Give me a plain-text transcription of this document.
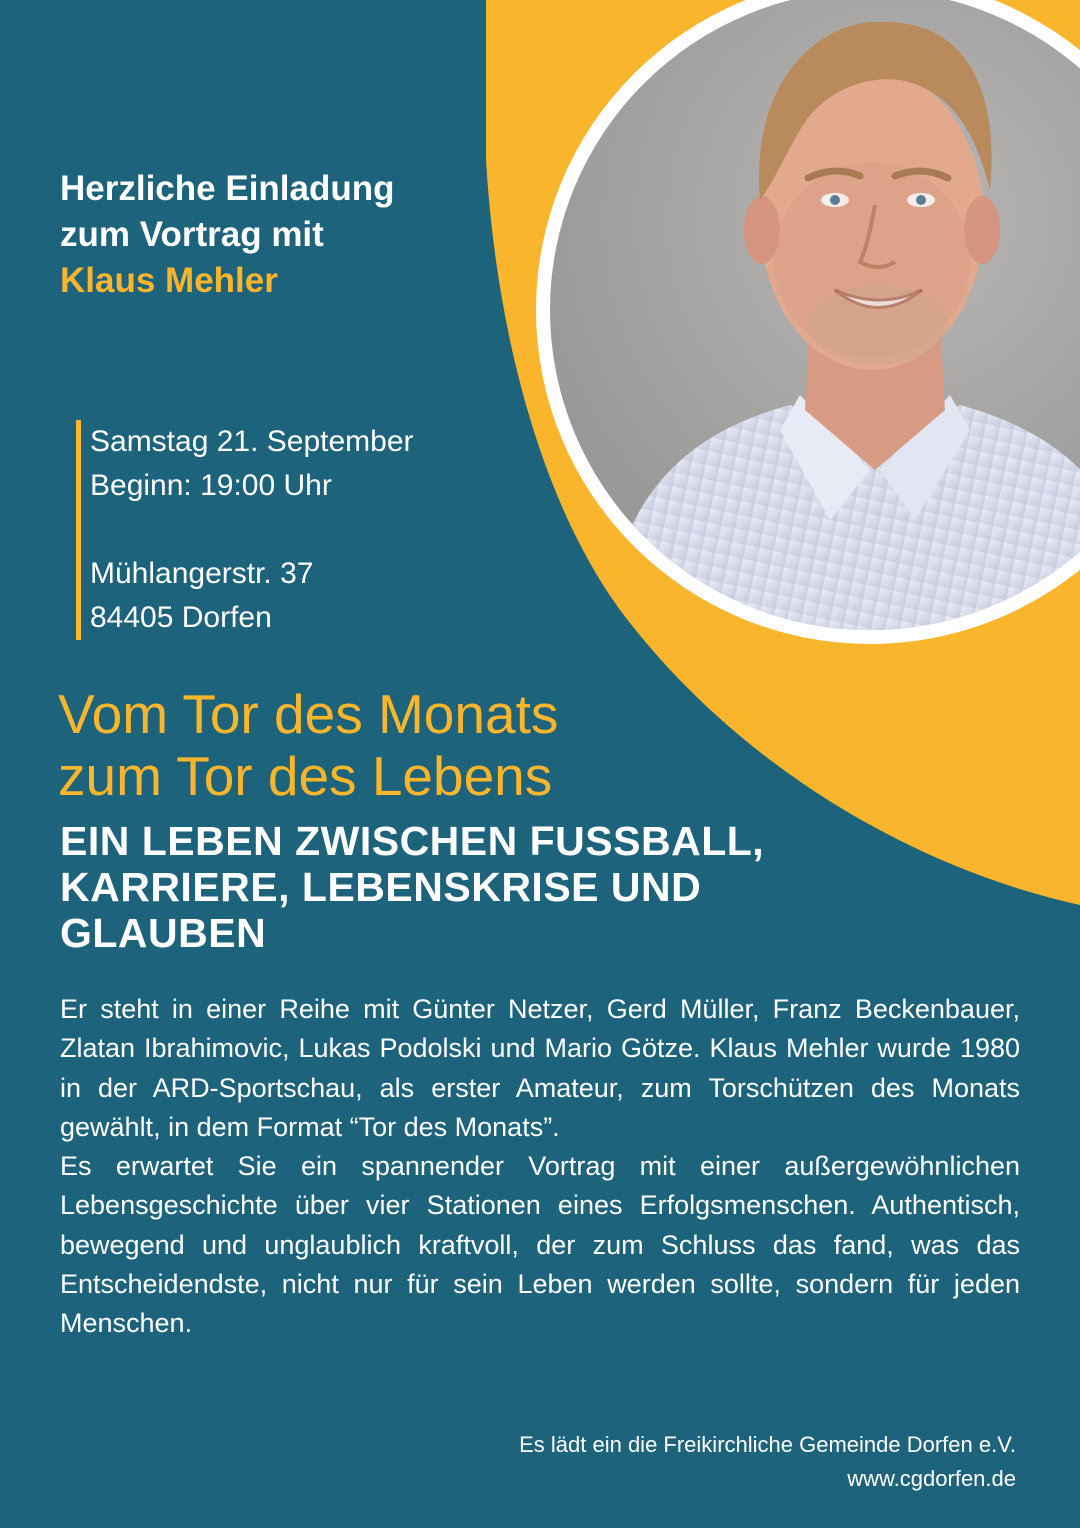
Herzliche Einladung
zum Vortrag mit
Klaus Mehler
Samstag 21. September
Beginn: 19:00 Uhr
Mühlangerstr. 37
84405 Dorfen
Vom Tor des Monats
zum Tor des Lebens
EIN LEBEN ZWISCHEN FUSSBALL,
KARRIERE, LEBENSKRISE UND
GLAUBEN

Er steht in einer Reihe mit Günter Netzer, Gerd Müller, Franz Beckenbauer, Zlatan Ibrahimovic, Lukas Podolski und Mario Götze. Klaus Mehler wurde 1980 in der ARD-Sportschau, als erster Amateur, zum Torschützen des Monats gewählt, in dem Format “Tor des Monats”.

Es erwartet Sie ein spannender Vortrag mit einer außergewöhnlichen Lebensgeschichte über vier Stationen eines Erfolgsmenschen. Authentisch, bewegend und unglaublich kraftvoll, der zum Schluss das fand, was das Entscheidendste, nicht nur für sein Leben werden sollte, sondern für jeden Menschen.

Es lädt ein die Freikirchliche Gemeinde Dorfen e.V.
www.cgdorfen.de
